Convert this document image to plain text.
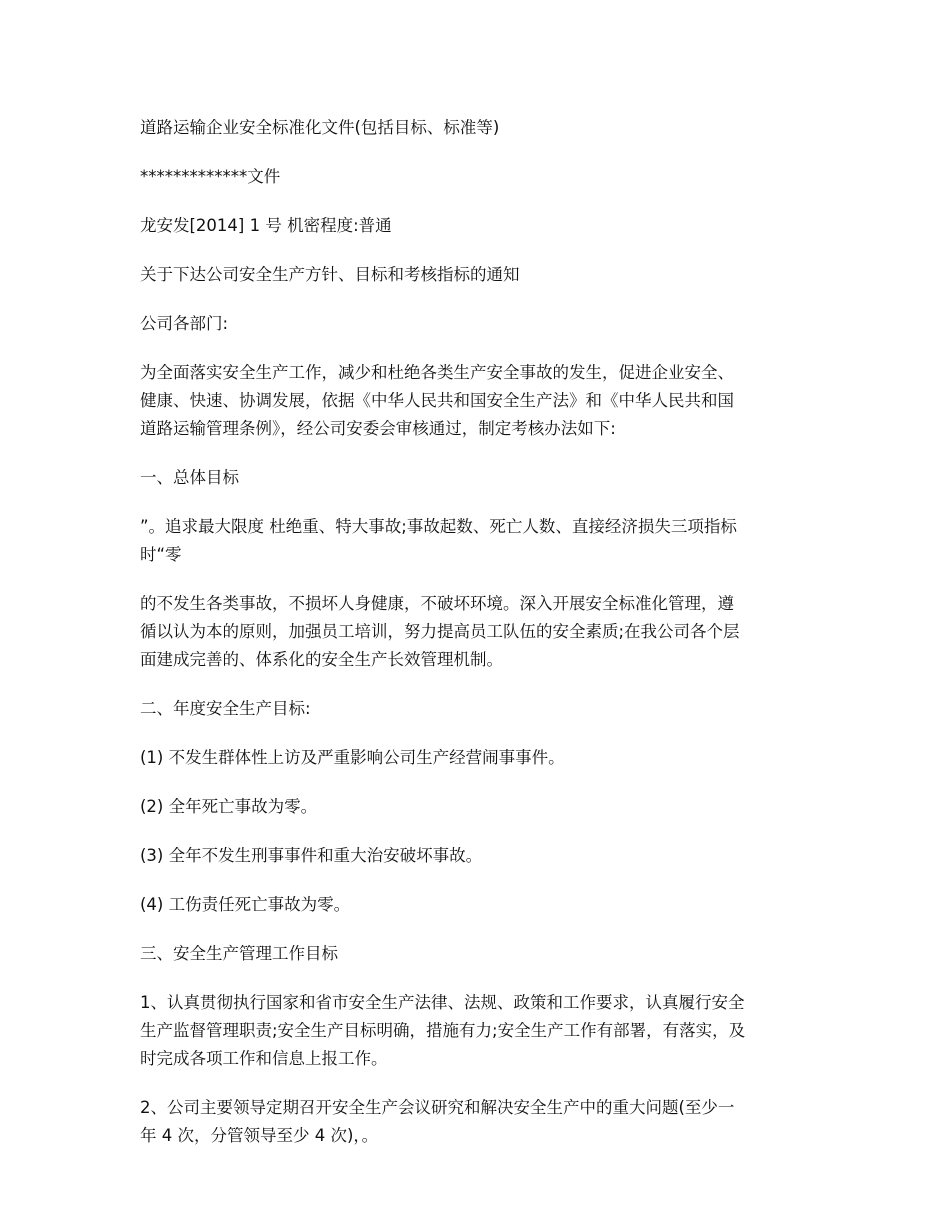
道路运输企业安全标准化文件(包括目标、标准等)

*************文件

龙安发[2014] 1 号 机密程度:普通

关于下达公司安全生产方针、目标和考核指标的通知

公司各部门:

为全面落实安全生产工作，减少和杜绝各类生产安全事故的发生，促进企业安全、
健康、快速、协调发展，依据《中华人民共和国安全生产法》和《中华人民共和国
道路运输管理条例》，经公司安委会审核通过，制定考核办法如下:

一、总体目标

”。追求最大限度 杜绝重、特大事故;事故起数、死亡人数、直接经济损失三项指标
时“零

的不发生各类事故，不损坏人身健康，不破坏环境。深入开展安全标准化管理，遵
循以认为本的原则，加强员工培训，努力提高员工队伍的安全素质;在我公司各个层
面建成完善的、体系化的安全生产长效管理机制。

二、年度安全生产目标:

(1) 不发生群体性上访及严重影响公司生产经营闹事事件。

(2) 全年死亡事故为零。

(3) 全年不发生刑事事件和重大治安破坏事故。

(4) 工伤责任死亡事故为零。

三、安全生产管理工作目标

1、认真贯彻执行国家和省市安全生产法律、法规、政策和工作要求，认真履行安全
生产监督管理职责;安全生产目标明确，措施有力;安全生产工作有部署，有落实，及
时完成各项工作和信息上报工作。

2、公司主要领导定期召开安全生产会议研究和解决安全生产中的重大问题(至少一
年 4 次，分管领导至少 4 次)，。
